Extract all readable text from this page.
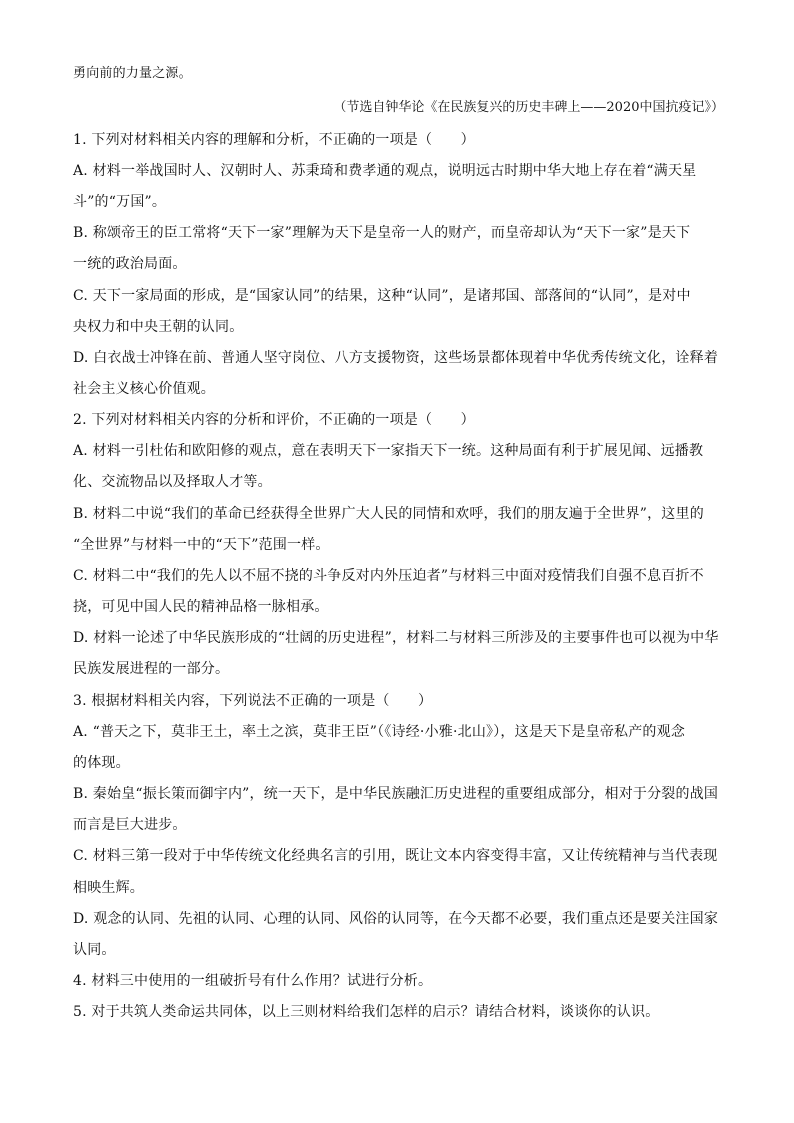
勇向前的力量之源。
（节选自钟华论《在民族复兴的历史丰碑上——2020中国抗疫记》）
1. 下列对材料相关内容的理解和分析，不正确的一项是（　　）
A. 材料一举战国时人、汉朝时人、苏秉琦和费孝通的观点，说明远古时期中华大地上存在着“满天星
斗”的“万国”。
B. 称颂帝王的臣工常将“天下一家”理解为天下是皇帝一人的财产，而皇帝却认为“天下一家”是天下
一统的政治局面。
C. 天下一家局面的形成，是“国家认同”的结果，这种“认同”，是诸邦国、部落间的“认同”，是对中
央权力和中央王朝的认同。
D. 白衣战士冲锋在前、普通人坚守岗位、八方支援物资，这些场景都体现着中华优秀传统文化，诠释着
社会主义核心价值观。
2. 下列对材料相关内容的分析和评价，不正确的一项是（　　）
A. 材料一引杜佑和欧阳修的观点，意在表明天下一家指天下一统。这种局面有利于扩展见闻、远播教
化、交流物品以及择取人才等。
B. 材料二中说“我们的革命已经获得全世界广大人民的同情和欢呼，我们的朋友遍于全世界”，这里的
“全世界”与材料一中的“天下”范围一样。
C. 材料二中“我们的先人以不屈不挠的斗争反对内外压迫者”与材料三中面对疫情我们自强不息百折不
挠，可见中国人民的精神品格一脉相承。
D. 材料一论述了中华民族形成的“壮阔的历史进程”，材料二与材料三所涉及的主要事件也可以视为中华
民族发展进程的一部分。
3. 根据材料相关内容，下列说法不正确的一项是（　　）
A. “普天之下，莫非王土，率土之滨，莫非王臣”（《诗经·小雅·北山》），这是天下是皇帝私产的观念
的体现。
B. 秦始皇“振长策而御宇内”，统一天下，是中华民族融汇历史进程的重要组成部分，相对于分裂的战国
而言是巨大进步。
C. 材料三第一段对于中华传统文化经典名言的引用，既让文本内容变得丰富，又让传统精神与当代表现
相映生辉。
D. 观念的认同、先祖的认同、心理的认同、风俗的认同等，在今天都不必要，我们重点还是要关注国家
认同。
4. 材料三中使用的一组破折号有什么作用？试进行分析。
5. 对于共筑人类命运共同体，以上三则材料给我们怎样的启示？请结合材料，谈谈你的认识。
